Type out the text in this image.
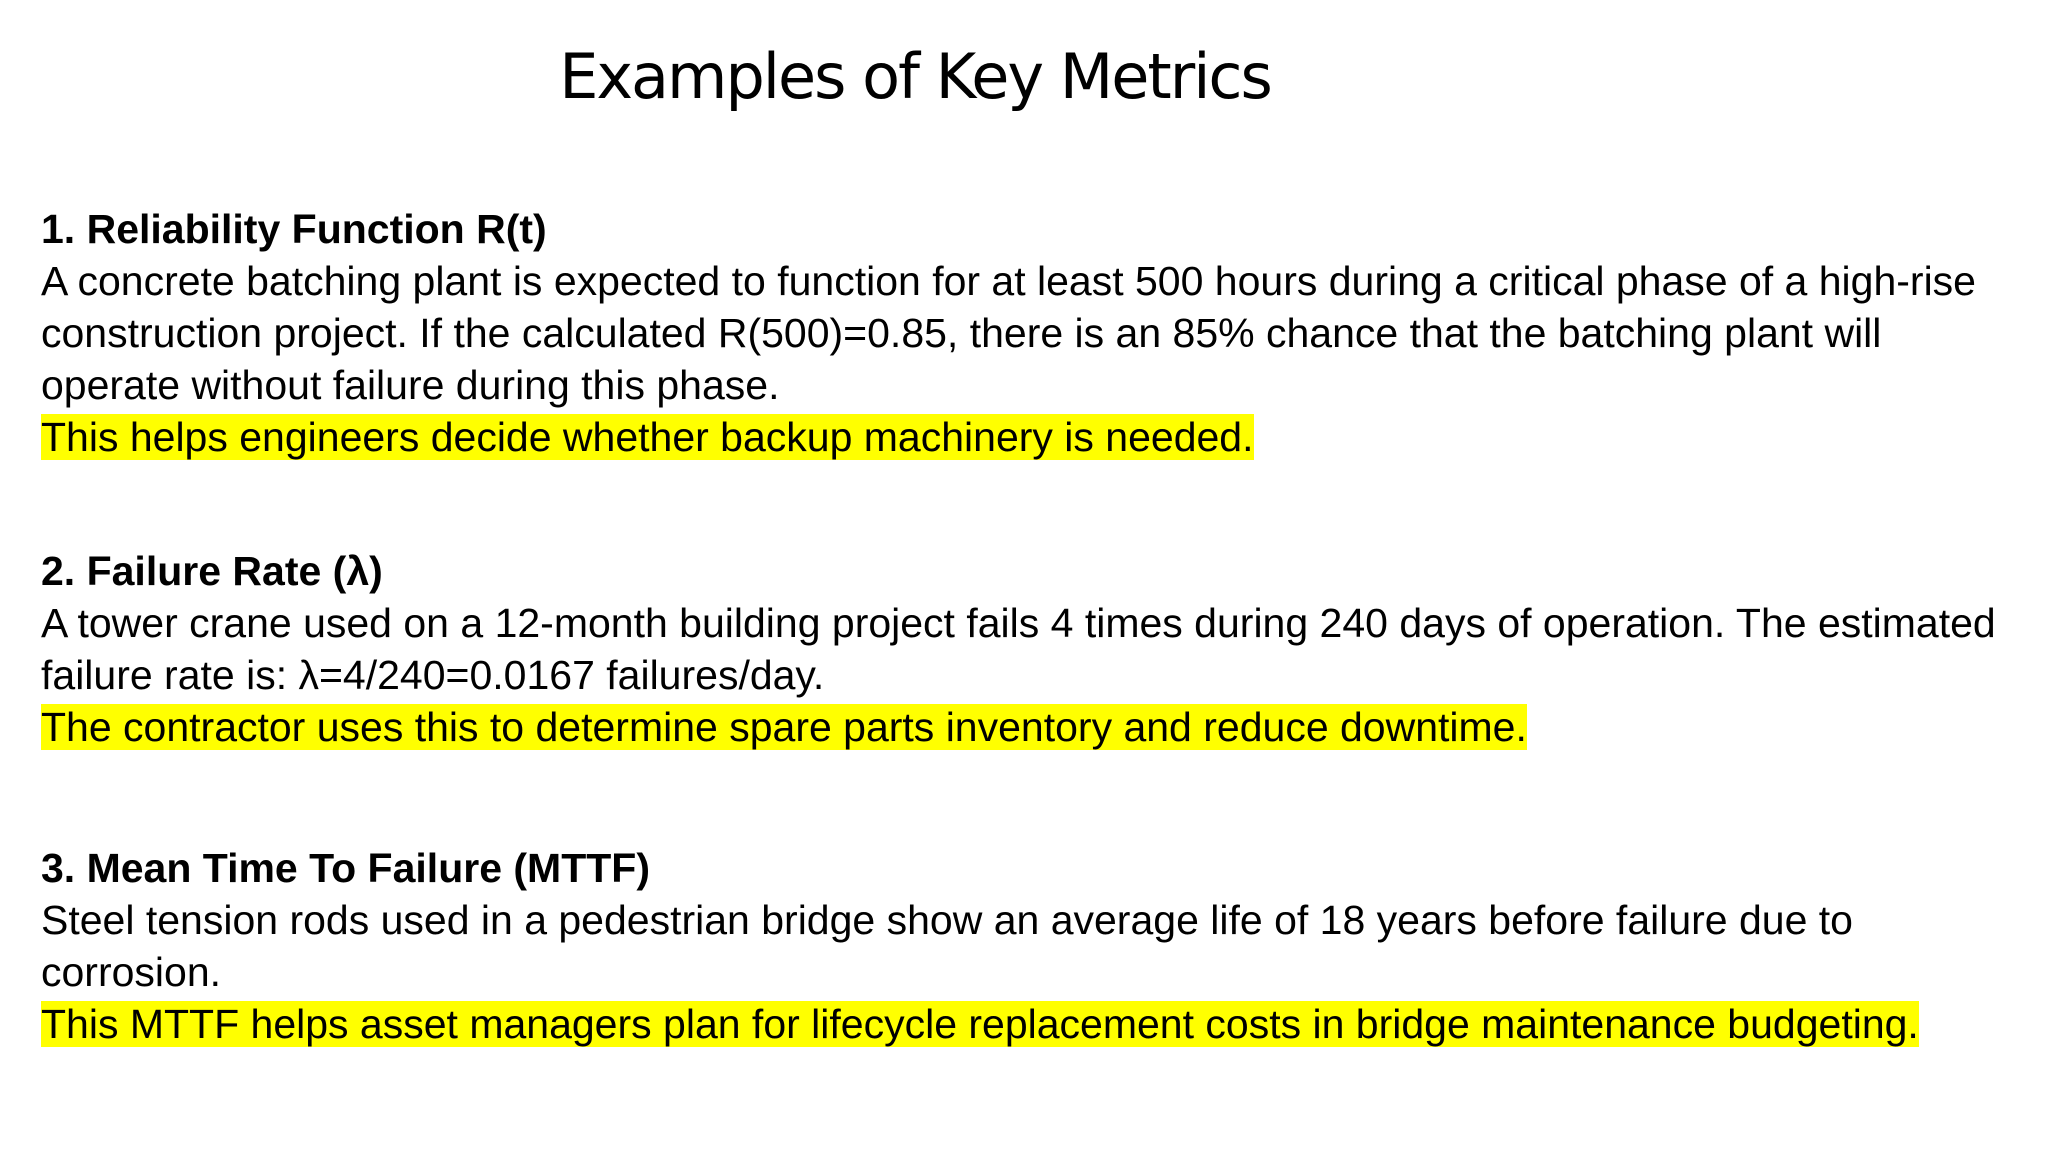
Examples of Key Metrics

1. Reliability Function R(t)

A concrete batching plant is expected to function for at least 500 hours during a critical phase of a high-rise construction project. If the calculated R(500)=0.85, there is an 85% chance that the batching plant will operate without failure during this phase.
This helps engineers decide whether backup machinery is needed.

2. Failure Rate (λ)

A tower crane used on a 12-month building project fails 4 times during 240 days of operation. The estimated failure rate is: λ=4/240=0.0167 failures/day.
The contractor uses this to determine spare parts inventory and reduce downtime.

3. Mean Time To Failure (MTTF)

Steel tension rods used in a pedestrian bridge show an average life of 18 years before failure due to corrosion.
This MTTF helps asset managers plan for lifecycle replacement costs in bridge maintenance budgeting.
